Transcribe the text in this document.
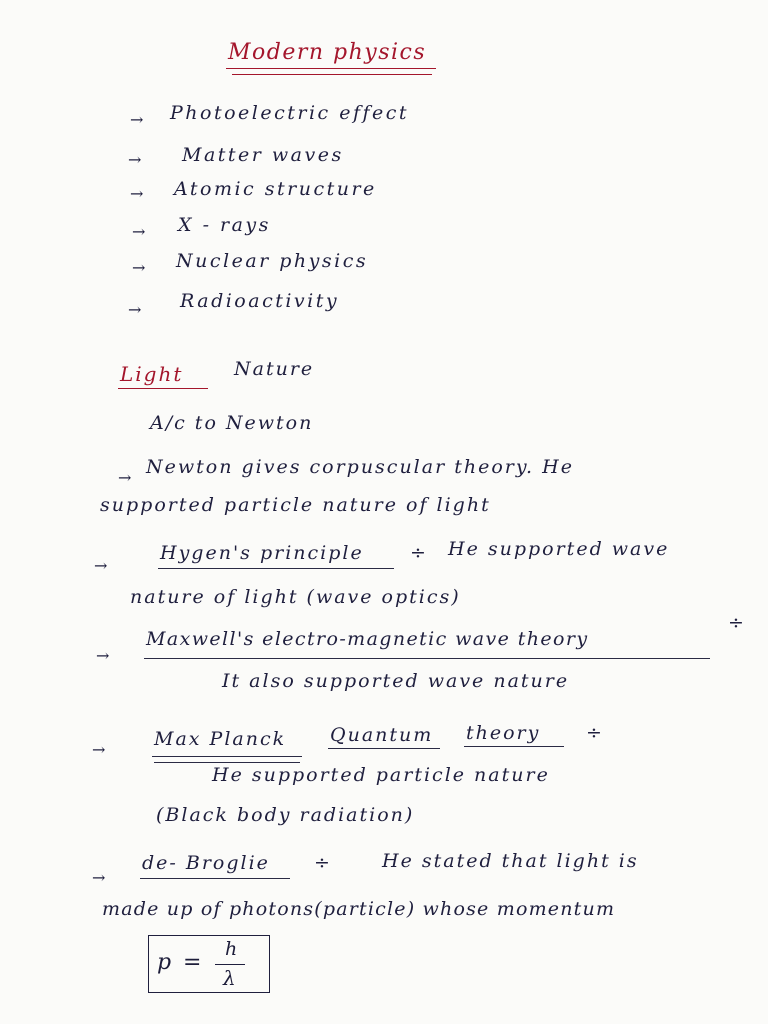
Modern physics
→ Photoelectric effect
→ Matter waves
→ Atomic structure
→ X - rays
→ Nuclear physics
→ Radioactivity
Light	Nature
A/c to Newton
→ Newton gives corpuscular theory. He
supported particle nature of light
→
Hygen's principle ÷ He supported wave
nature of light (wave optics)
→
Maxwell's electro-magnetic wave theory
÷
It also supported wave nature
→	Max Planck Quantum theory ÷
He supported particle nature
(Black body radiation)
→
de- Broglie ÷	He stated that light is
made up of photons(particle) whose momentum
p =
h
λ
